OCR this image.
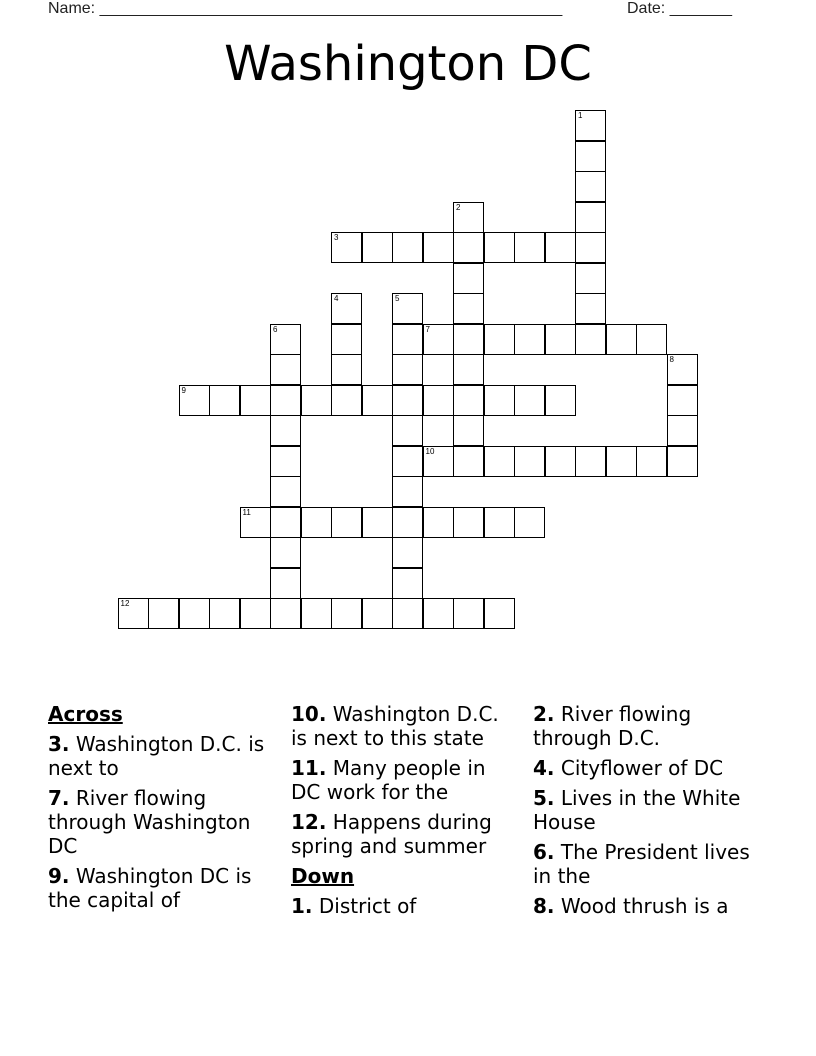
Name: ____________________________________________________	Date: _______
Washington DC
1
2
3
4	5
6	7
8
9
10
11
12
Across
3. Washington D.C. is next to
7. River flowing through Washington DC
9. Washington DC is the capital of
10. Washington D.C. is next to this state
11. Many people in DC work for the
12. Happens during spring and summer
Down
1. District of
2. River flowing through D.C.
4. Cityflower of DC
5. Lives in the White House
6. The President lives in the
8. Wood thrush is a
